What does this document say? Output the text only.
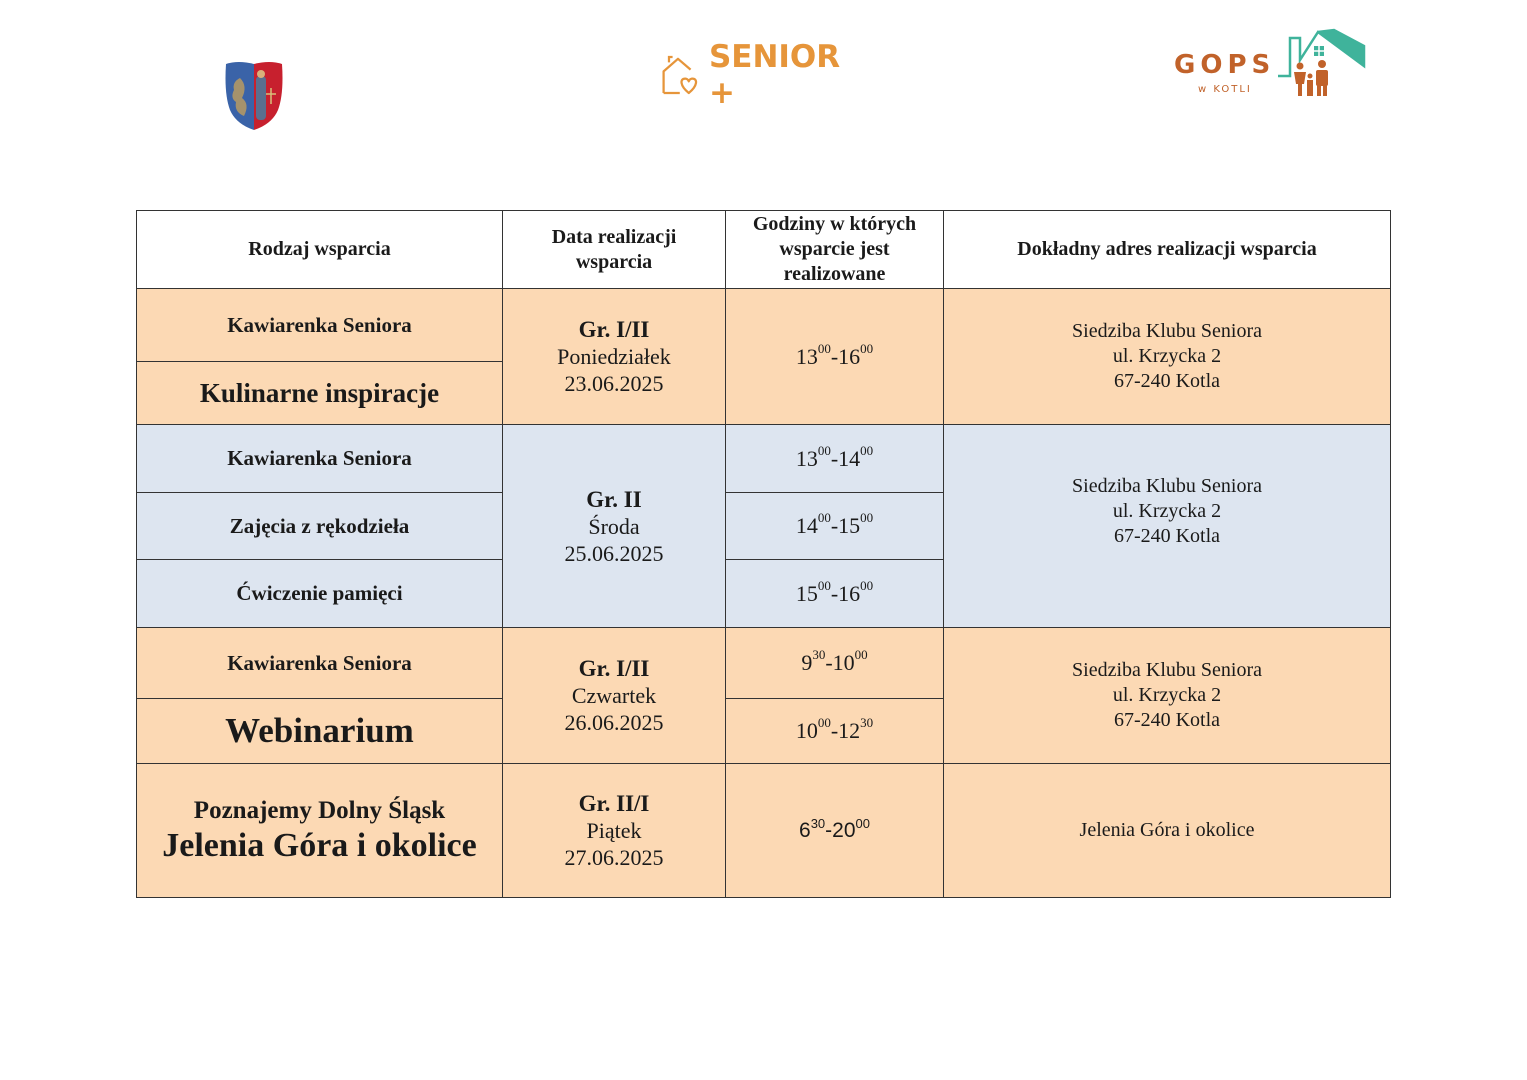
SENIOR +
GOPS
w KOTLI
Rodzaj wsparcia
Data realizacji wsparcia
Godziny w których wsparcie jest realizowane
Dokładny adres realizacji wsparcia
Kawiarenka Seniora
Kulinarne inspiracje
Gr. I/II
Poniedziałek
23.06.2025
$13^{00}-16^{00}$
Siedziba Klubu Seniora
ul. Krzycka 2
67-240 Kotla
Kawiarenka Seniora
Zajęcia z rękodzieła
Ćwiczenie pamięci
Gr. II
Środa
25.06.2025
$13^{00}-14^{00}$
$14^{00}-15^{00}$
$15^{00}-16^{00}$
Siedziba Klubu Seniora
ul. Krzycka 2
67-240 Kotla
Kawiarenka Seniora
Webinarium
Gr. I/II
Czwartek
26.06.2025
$9^{30}-10^{00}$
$10^{00}-12^{30}$
Siedziba Klubu Seniora
ul. Krzycka 2
67-240 Kotla
Poznajemy Dolny Śląsk
Jelenia Góra i okolice
Gr. II/I
Piątek
27.06.2025
$6^{30}-20^{00}$	Jelenia Góra i okolice
